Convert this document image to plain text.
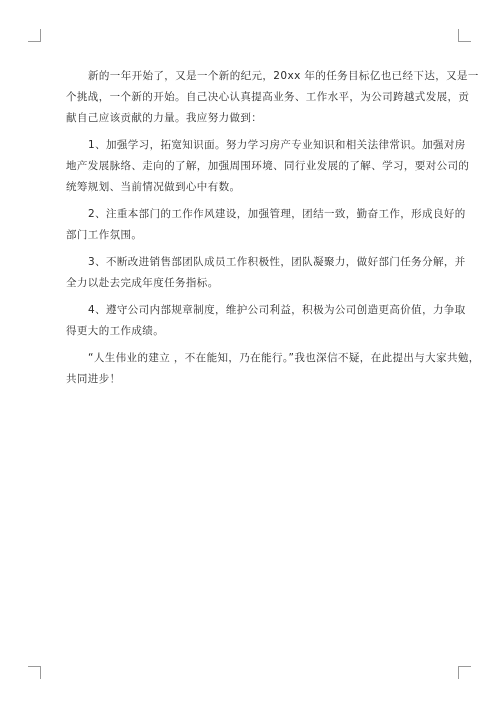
新的一年开始了，又是一个新的纪元，20xx 年的任务目标亿也已经下达，又是一
个挑战，一个新的开始。自己决心认真提高业务、工作水平，为公司跨越式发展，贡
献自己应该贡献的力量。我应努力做到：

1、加强学习，拓宽知识面。努力学习房产专业知识和相关法律常识。加强对房
地产发展脉络、走向的了解，加强周围环境、同行业发展的了解、学习，要对公司的
统筹规划、当前情况做到心中有数。

2、注重本部门的工作作风建设，加强管理，团结一致，勤奋工作，形成良好的
部门工作氛围。

3、不断改进销售部团队成员工作积极性，团队凝聚力，做好部门任务分解，并
全力以赴去完成年度任务指标。

4、遵守公司内部规章制度，维护公司利益，积极为公司创造更高价值，力争取
得更大的工作成绩。

“人生伟业的建立 ，不在能知，乃在能行。”我也深信不疑，在此提出与大家共勉，
共同进步！
